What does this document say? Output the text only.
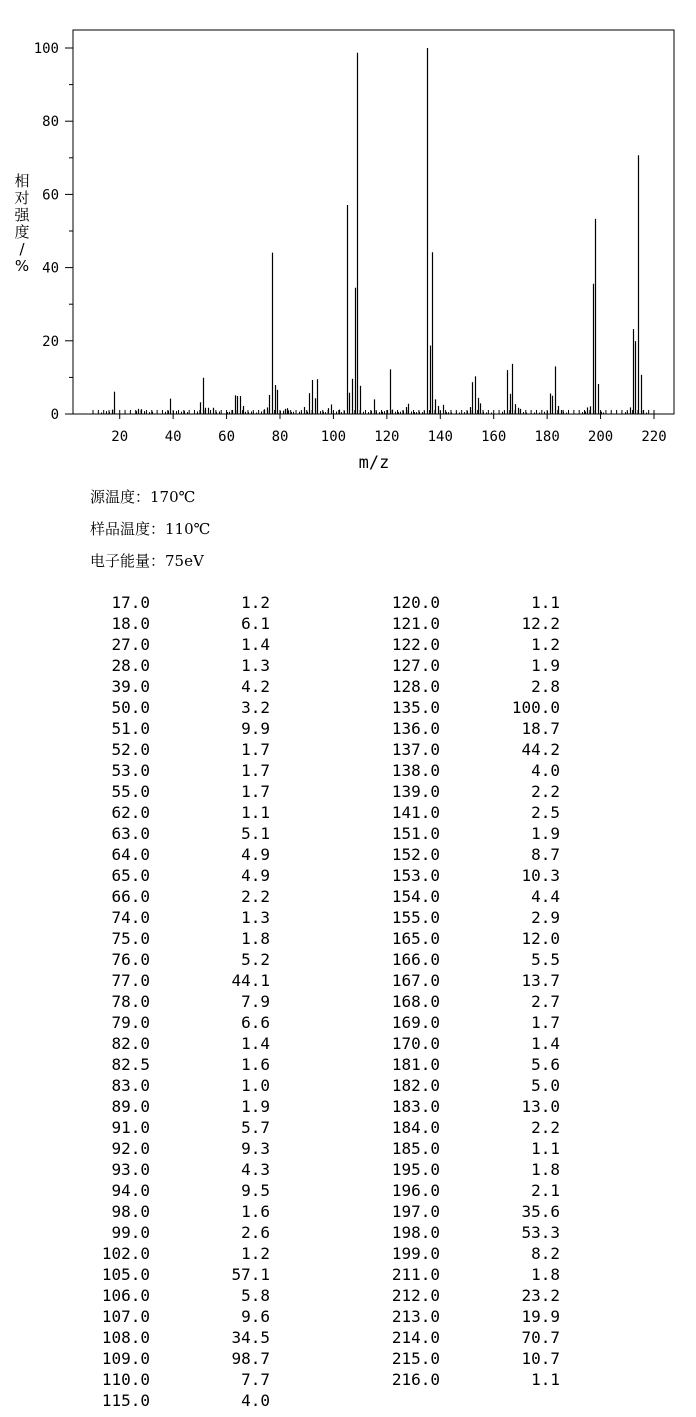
0
20
40
60
80
100
20	40	60	80 100 120 140 160 180 200 220
相对强度/ %
m/z
源温度：170℃
样品温度：110℃
电子能量：75eV
17.0	1.2
18.0	6.1
27.0	1.4
28.0	1.3
39.0	4.2
50.0	3.2
51.0	9.9
52.0	1.7
53.0	1.7
55.0	1.7
62.0	1.1
63.0	5.1
64.0	4.9
65.0	4.9
66.0	2.2
74.0	1.3
75.0	1.8
76.0	5.2
77.0	44.1
78.0	7.9
79.0	6.6
82.0	1.4
82.5	1.6
83.0	1.0
89.0	1.9
91.0	5.7
92.0	9.3
93.0	4.3
94.0	9.5
98.0	1.6
99.0	2.6
102.0	1.2
105.0	57.1
106.0	5.8
107.0	9.6
108.0	34.5
109.0	98.7
110.0	7.7
115.0	4.0
120.0	1.1
121.0	12.2
122.0	1.2
127.0	1.9
128.0	2.8
135.0	100.0
136.0	18.7
137.0	44.2
138.0	4.0
139.0	2.2
141.0	2.5
151.0	1.9
152.0	8.7
153.0	10.3
154.0	4.4
155.0	2.9
165.0	12.0
166.0	5.5
167.0	13.7
168.0	2.7
169.0	1.7
170.0	1.4
181.0	5.6
182.0	5.0
183.0	13.0
184.0	2.2
185.0	1.1
195.0	1.8
196.0	2.1
197.0	35.6
198.0	53.3
199.0	8.2
211.0	1.8
212.0	23.2
213.0	19.9
214.0	70.7
215.0	10.7
216.0	1.1
